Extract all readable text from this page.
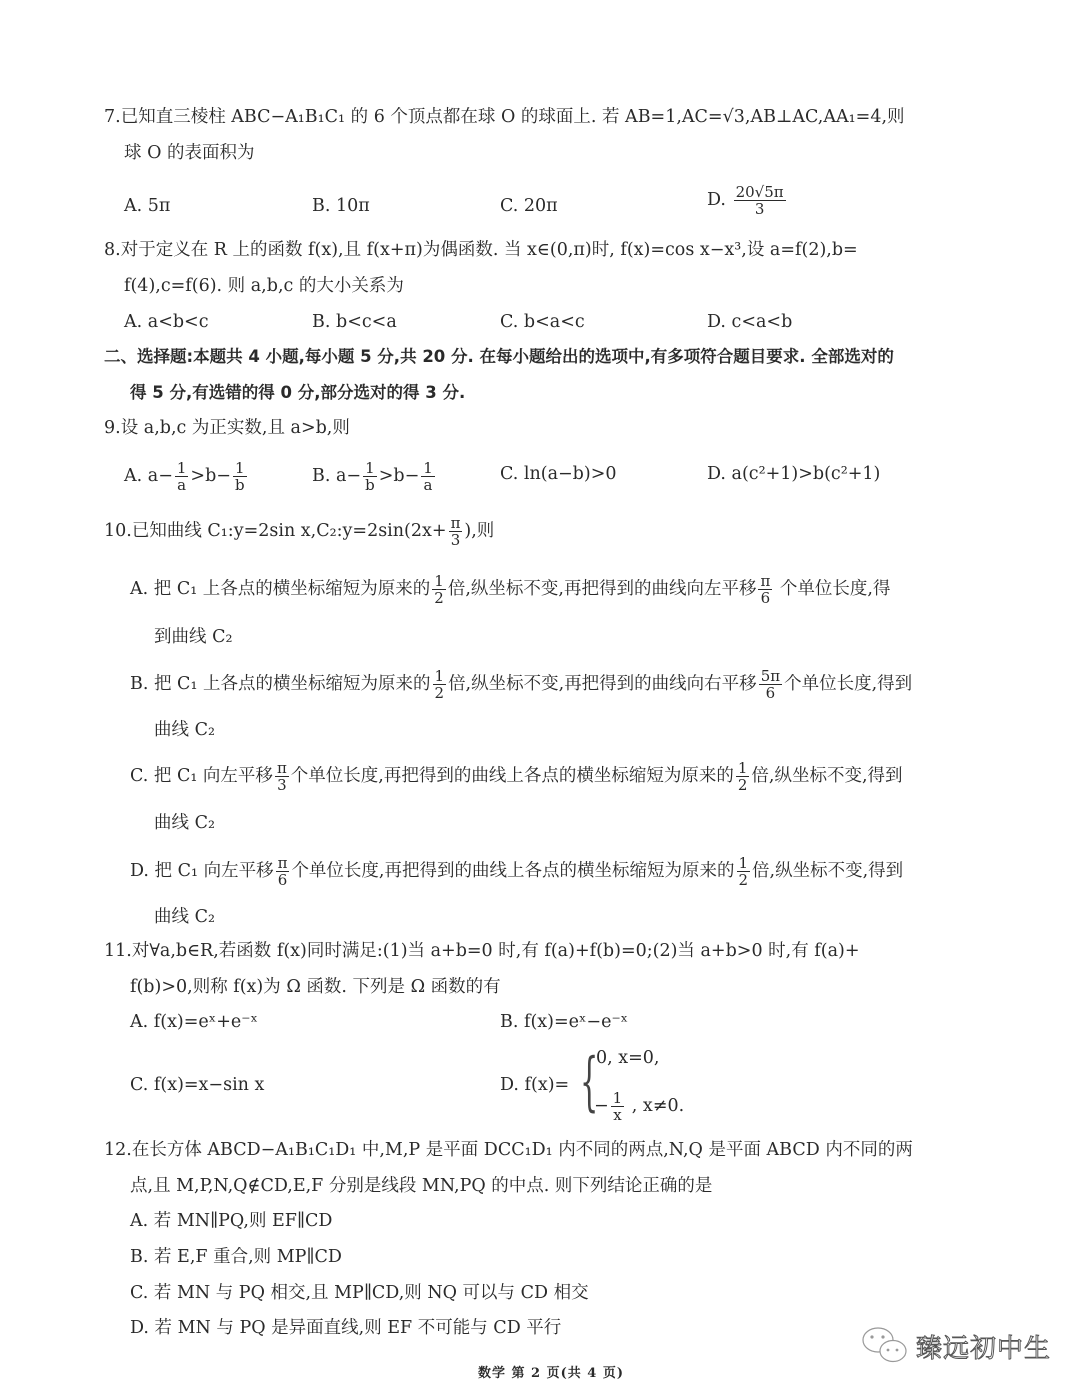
7.已知直三棱柱 ABC−A₁B₁C₁ 的 6 个顶点都在球 O 的球面上. 若 AB=1,AC=√3,AB⊥AC,AA₁=4,则
球 O 的表面积为
A. 5π	B. 10π	C. 20π	D. $\frac{20√5\pi}{3}$
8.对于定义在 R 上的函数 f(x),且 f(x+π)为偶函数. 当 x∈(0,π)时, f(x)=cos x−x³,设 a=f(2),b=
f(4),c=f(6). 则 a,b,c 的大小关系为
A. a<b<c	B. b<c<a	C. b<a<c	D. c<a<b
二、选择题:本题共 4 小题,每小题 5 分,共 20 分. 在每小题给出的选项中,有多项符合题目要求. 全部选对的
得 5 分,有选错的得 0 分,部分选对的得 3 分.
9.设 a,b,c 为正实数,且 a>b,则
A. $a- \frac{1}{a} >b- \frac{1}{b}$	B. $a- \frac{1}{b} >b- \frac{1}{a}$	C. ln(a−b)>0	D. a(c²+1)>b(c²+1)
10.已知曲线 C₁:y=2sin x,C₂:y=2sin(2x+ $\frac{\pi}{3}$ ),则
A. 把 C₁ 上各点的横坐标缩短为原来的 $\frac{1}{2}$ 倍,纵坐标不变,再把得到的曲线向左平移 $\frac{\pi}{6}$ 个单位长度,得
到曲线 C₂
B. 把 C₁ 上各点的横坐标缩短为原来的 $\frac{1}{2}$ 倍,纵坐标不变,再把得到的曲线向右平移 $\frac{5\pi}{6}$ 个单位长度,得到
曲线 C₂
C. 把 C₁ 向左平移 $\frac{\pi}{3}$ 个单位长度,再把得到的曲线上各点的横坐标缩短为原来的 $\frac{1}{2}$ 倍,纵坐标不变,得到
曲线 C₂
D. 把 C₁ 向左平移 $\frac{\pi}{6}$ 个单位长度,再把得到的曲线上各点的横坐标缩短为原来的 $\frac{1}{2}$ 倍,纵坐标不变,得到
曲线 C₂
11.对∀a,b∈R,若函数 f(x)同时满足:(1)当 a+b=0 时,有 f(a)+f(b)=0;(2)当 a+b>0 时,有 f(a)+
f(b)>0,则称 f(x)为 Ω 函数. 下列是 Ω 函数的有
A. f(x)=eˣ+e⁻ˣ	B. f(x)=eˣ−e⁻ˣ
C. f(x)=x−sin x	D. f(x)= {
0, x=0,
− $\frac{1}{x}$ , x≠0.
12.在长方体 ABCD−A₁B₁C₁D₁ 中,M,P 是平面 DCC₁D₁ 内不同的两点,N,Q 是平面 ABCD 内不同的两
点,且 M,P,N,Q∉CD,E,F 分别是线段 MN,PQ 的中点. 则下列结论正确的是
A. 若 MN∥PQ,则 EF∥CD
B. 若 E,F 重合,则 MP∥CD
C. 若 MN 与 PQ 相交,且 MP∥CD,则 NQ 可以与 CD 相交
D. 若 MN 与 PQ 是异面直线,则 EF 不可能与 CD 平行
臻远初中生
数学 第 2 页(共 4 页)
